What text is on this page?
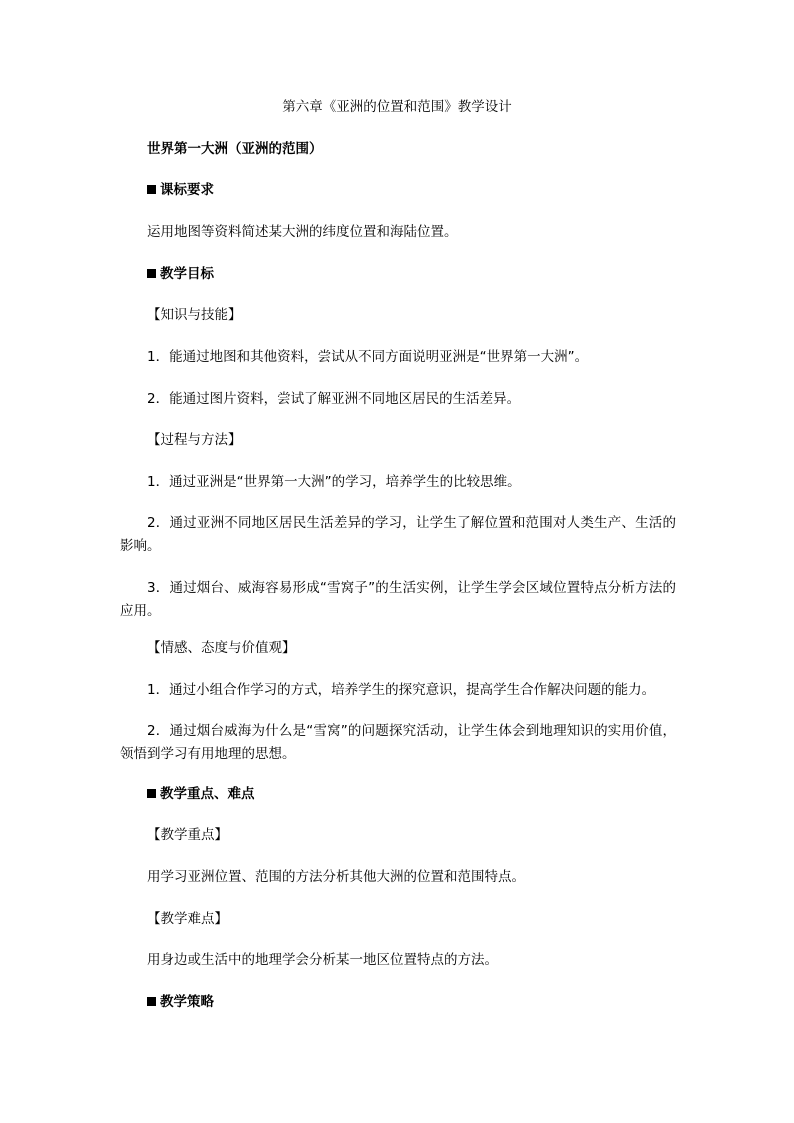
第六章《亚洲的位置和范围》教学设计

世界第一大洲（亚洲的范围）

课标要求

运用地图等资料简述某大洲的纬度位置和海陆位置。

教学目标

【知识与技能】

1．能通过地图和其他资料，尝试从不同方面说明亚洲是“世界第一大洲”。

2．能通过图片资料，尝试了解亚洲不同地区居民的生活差异。

【过程与方法】

1．通过亚洲是“世界第一大洲”的学习，培养学生的比较思维。

2．通过亚洲不同地区居民生活差异的学习，让学生了解位置和范围对人类生产、生活的影响。

3．通过烟台、威海容易形成“雪窝子”的生活实例，让学生学会区域位置特点分析方法的应用。

【情感、态度与价值观】

1．通过小组合作学习的方式，培养学生的探究意识，提高学生合作解决问题的能力。

2．通过烟台威海为什么是“雪窝”的问题探究活动，让学生体会到地理知识的实用价值，领悟到学习有用地理的思想。

教学重点、难点

【教学重点】

用学习亚洲位置、范围的方法分析其他大洲的位置和范围特点。

【教学难点】

用身边或生活中的地理学会分析某一地区位置特点的方法。

教学策略
